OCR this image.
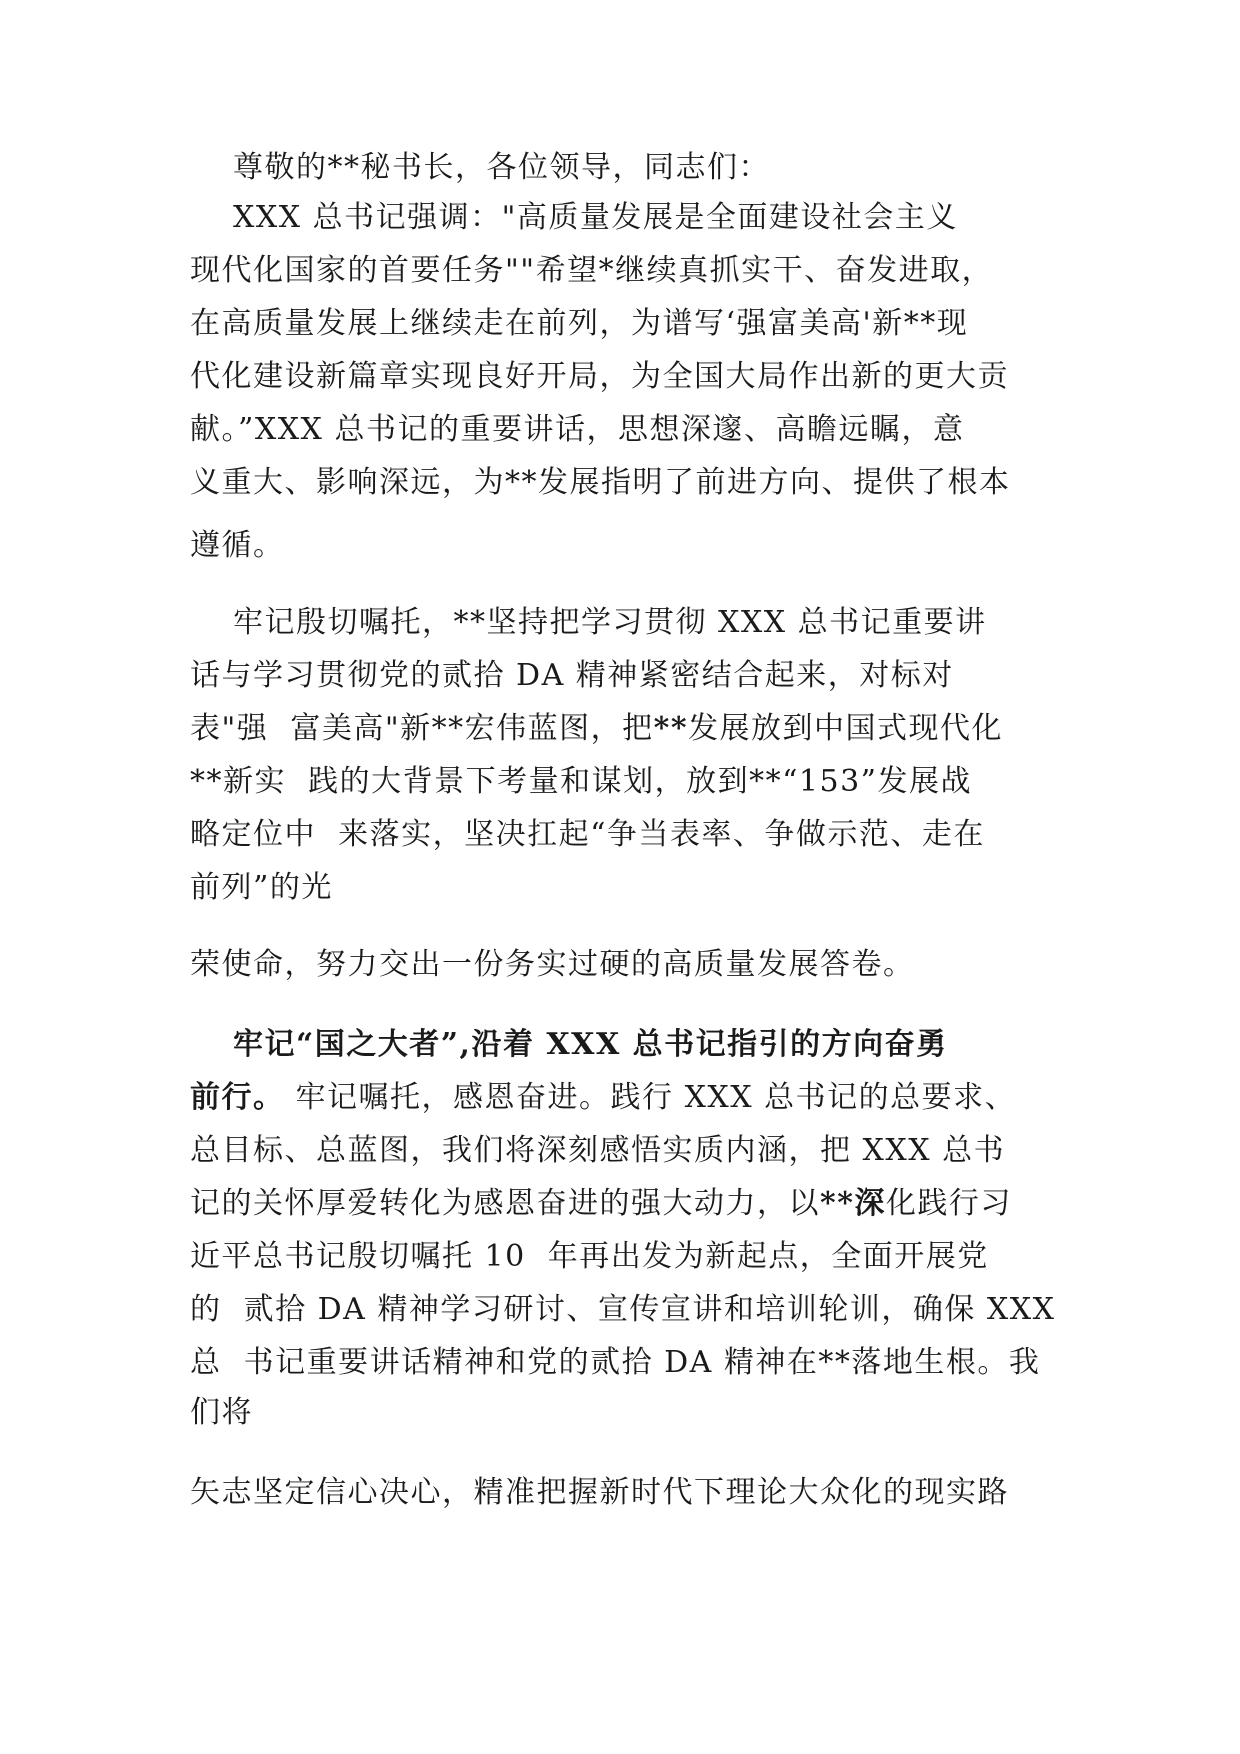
尊敬的**秘书长，各位领导，同志们：
XXX 总书记强调："高质量发展是全面建设社会主义
现代化国家的首要任务""希望*继续真抓实干、奋发进取，
在高质量发展上继续走在前列，为谱写‘强富美高'新**现
代化建设新篇章实现良好开局，为全国大局作出新的更大贡
献。”XXX 总书记的重要讲话，思想深邃、高瞻远瞩，意
义重大、影响深远，为**发展指明了前进方向、提供了根本
遵循。
牢记殷切嘱托，**坚持把学习贯彻 XXX 总书记重要讲
话与学习贯彻党的贰拾 DA 精神紧密结合起来，对标对
表"强  富美高"新**宏伟蓝图，把**发展放到中国式现代化
**新实  践的大背景下考量和谋划，放到**“153”发展战
略定位中  来落实，坚决扛起“争当表率、争做示范、走在
前列”的光
荣使命，努力交出一份务实过硬的高质量发展答卷。
牢记“国之大者”,沿着 XXX 总书记指引的方向奋勇
前行。 牢记嘱托，感恩奋进。践行 XXX 总书记的总要求、
总目标、总蓝图，我们将深刻感悟实质内涵，把 XXX 总书
记的关怀厚爱转化为感恩奋进的强大动力，以**深化践行习
近平总书记殷切嘱托 10  年再出发为新起点，全面开展党
的  贰拾 DA 精神学习研讨、宣传宣讲和培训轮训，确保 XXX
总  书记重要讲话精神和党的贰拾 DA 精神在**落地生根。我
们将
矢志坚定信心决心，精准把握新时代下理论大众化的现实路
